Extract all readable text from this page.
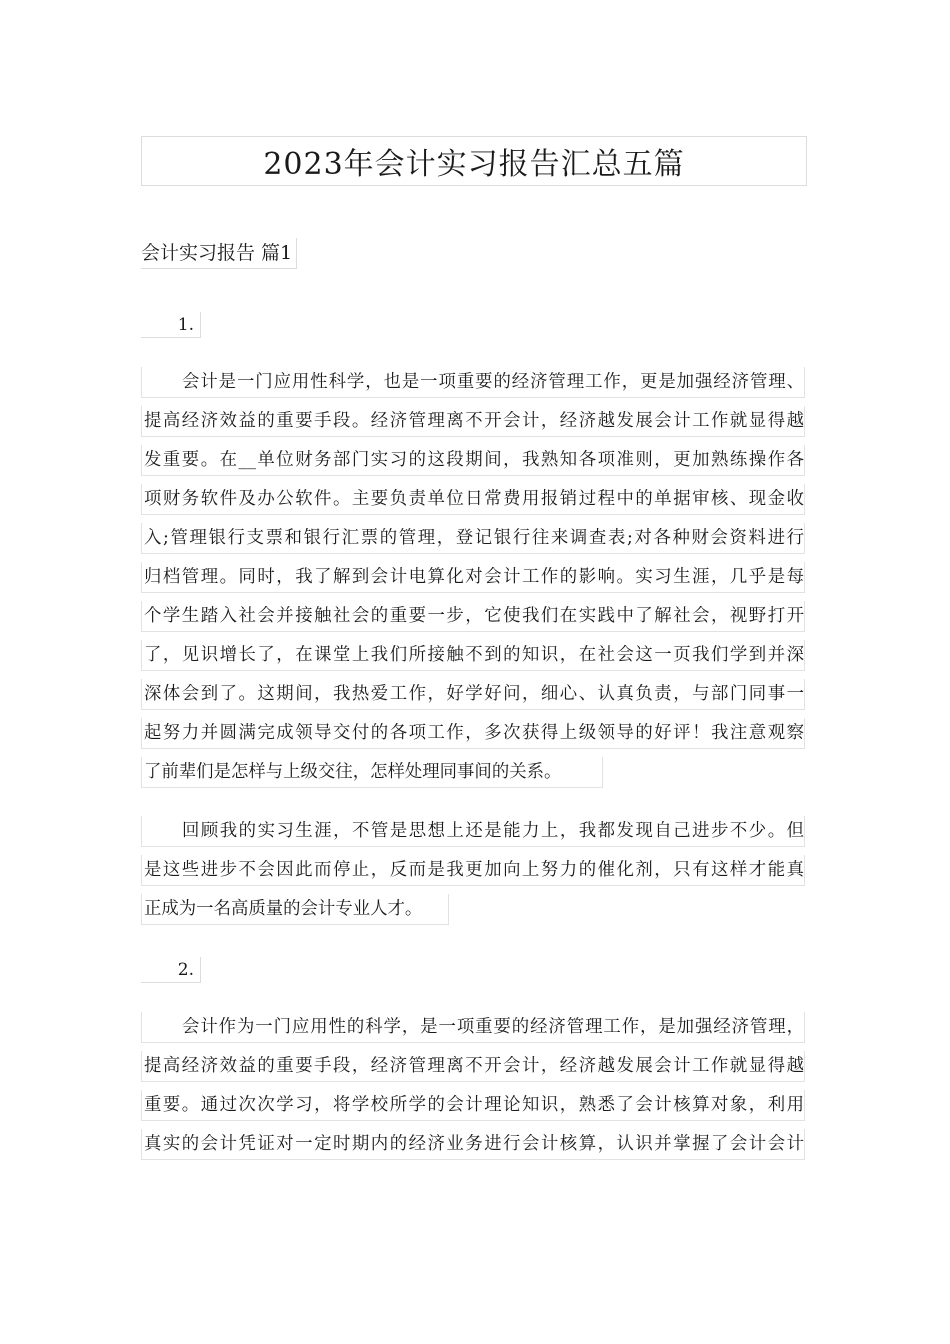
2023年会计实习报告汇总五篇
会计实习报告 篇1
1.
会计是一门应用性科学，也是一项重要的经济管理工作，更是加强经济管理、
提高经济效益的重要手段。经济管理离不开会计，经济越发展会计工作就显得越
发重要。在__单位财务部门实习的这段期间，我熟知各项准则，更加熟练操作各
项财务软件及办公软件。主要负责单位日常费用报销过程中的单据审核、现金收
入;管理银行支票和银行汇票的管理，登记银行往来调查表;对各种财会资料进行
归档管理。同时，我了解到会计电算化对会计工作的影响。实习生涯，几乎是每
个学生踏入社会并接触社会的重要一步，它使我们在实践中了解社会，视野打开
了，见识增长了，在课堂上我们所接触不到的知识，在社会这一页我们学到并深
深体会到了。这期间，我热爱工作，好学好问，细心、认真负责，与部门同事一
起努力并圆满完成领导交付的各项工作，多次获得上级领导的好评！我注意观察
了前辈们是怎样与上级交往，怎样处理同事间的关系。
回顾我的实习生涯，不管是思想上还是能力上，我都发现自己进步不少。但
是这些进步不会因此而停止，反而是我更加向上努力的催化剂，只有这样才能真
正成为一名高质量的会计专业人才。
2.
会计作为一门应用性的科学，是一项重要的经济管理工作，是加强经济管理，
提高经济效益的重要手段，经济管理离不开会计，经济越发展会计工作就显得越
重要。通过次次学习，将学校所学的会计理论知识，熟悉了会计核算对象，利用
真实的会计凭证对一定时期内的经济业务进行会计核算，认识并掌握了会计会计
